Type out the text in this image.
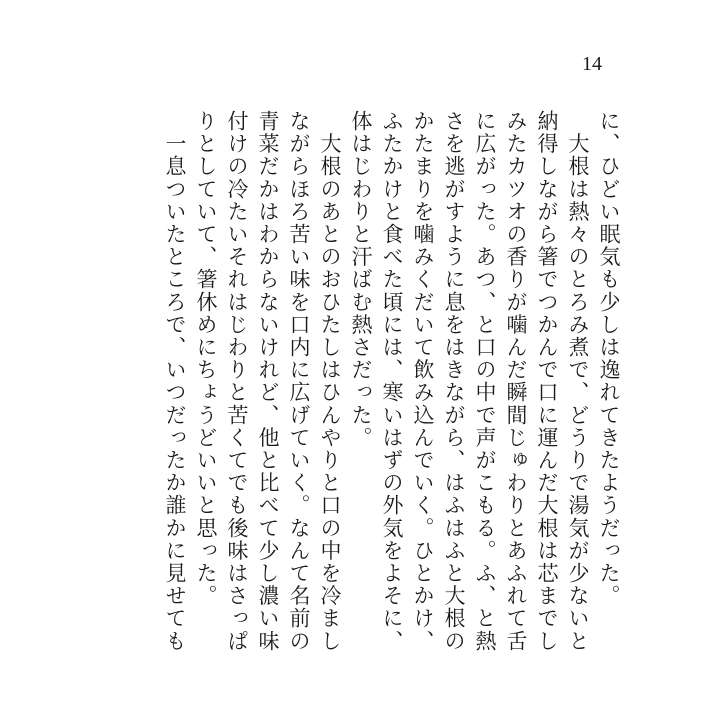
14
に、ひどい眠気も少しは逸れてきたようだった。
　大根は熱々のとろみ煮で、どうりで湯気が少ないと
納得しながら箸でつかんで口に運んだ大根は芯までし
みたカツオの香りが噛んだ瞬間じゅわりとあふれて舌
に広がった。あつ、と口の中で声がこもる。ふ、と熱
さを逃がすように息をはきながら、はふはふと大根の
かたまりを噛みくだいて飲み込んでいく。ひとかけ、
ふたかけと食べた頃には、寒いはずの外気をよそに、
体はじわりと汗ばむ熱さだった。
　大根のあとのおひたしはひんやりと口の中を冷まし
ながらほろ苦い味を口内に広げていく。なんて名前の
青菜だかはわからないけれど、他と比べて少し濃い味
付けの冷たいそれはじわりと苦くてでも後味はさっぱ
りとしていて、箸休めにちょうどいいと思った。
　一息ついたところで、いつだったか誰かに見せても
